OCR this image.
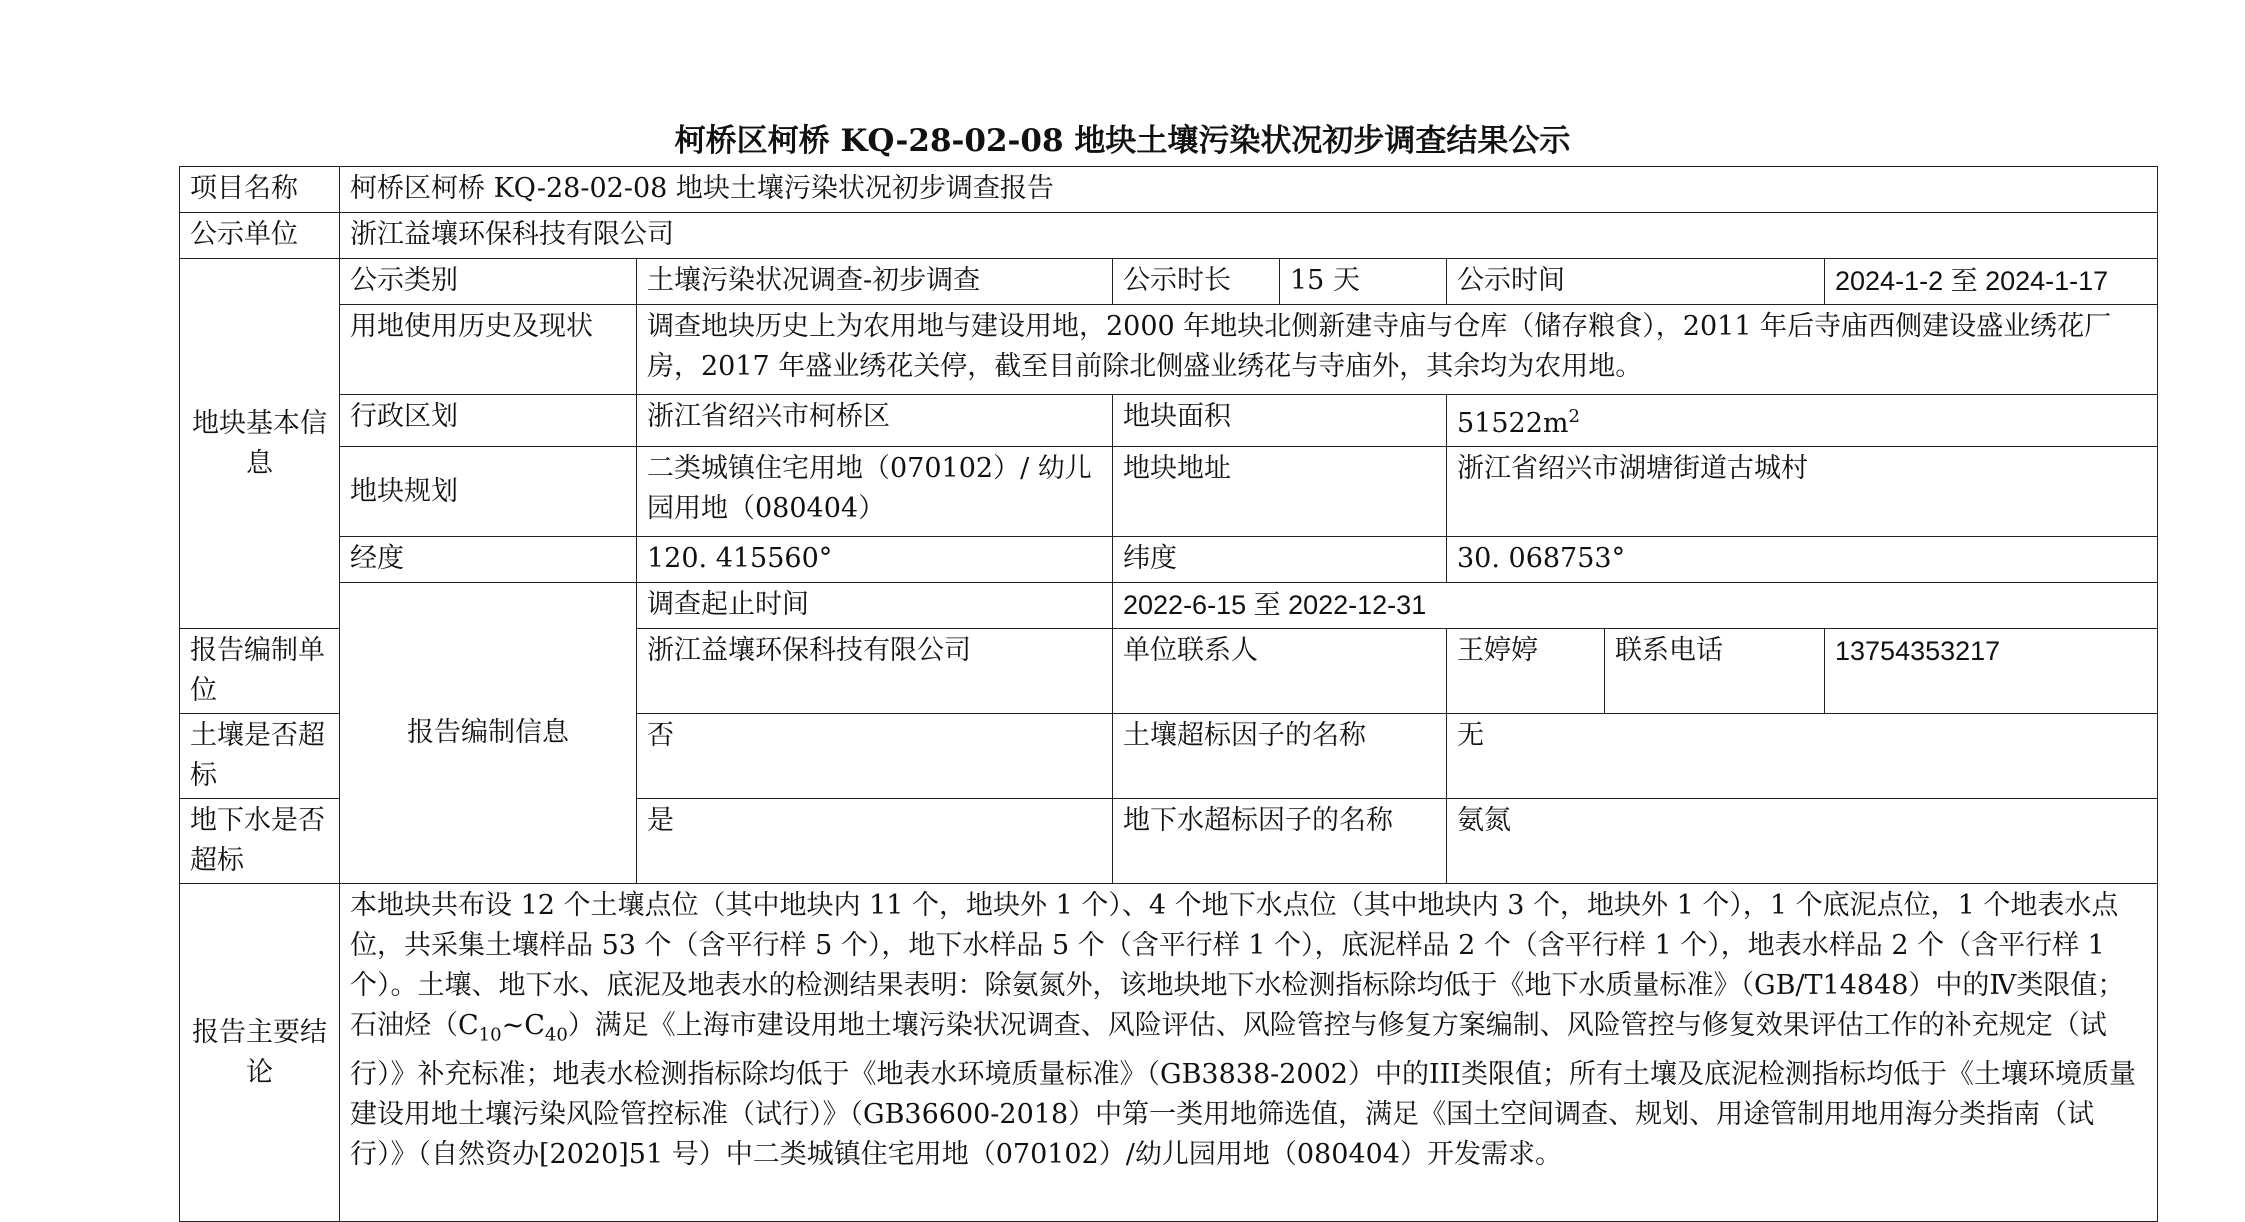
柯桥区柯桥 KQ-28-02-08 地块土壤污染状况初步调查结果公示
项目名称	柯桥区柯桥 KQ-28-02-08 地块土壤污染状况初步调查报告						
公示单位	浙江益壤环保科技有限公司						
地块基本信息	公示类别	土壤污染状况调查-初步调查	公示时长	15 天	公示时间		2024-1-2 至 2024-1-17
	用地使用历史及现状	调查地块历史上为农用地与建设用地，2000 年地块北侧新建寺庙与仓库（储存粮食），2011 年后寺庙西侧建设盛业绣花厂房，2017 年盛业绣花关停，截至目前除北侧盛业绣花与寺庙外，其余均为农用地。					
	行政区划	浙江省绍兴市柯桥区	地块面积		$51522m^2$
	地块规划	二类城镇住宅用地（070102）/ 幼儿园用地（080404）	地块地址		浙江省绍兴市湖塘街道古城村		
	经度	120. 415560°	纬度		30. 068753°		
	报告编制信息	调查起止时间	2022-6-15 至 2022-12-31				
报告编制单位		浙江益壤环保科技有限公司	单位联系人		王婷婷	联系电话	13754353217
土壤是否超标		否	土壤超标因子的名称		无		
地下水是否超标		是	地下水超标因子的名称		氨氮		
报告主要结论	本地块共布设 12 个土壤点位（其中地块内 11 个，地块外 1 个）、4 个地下水点位（其中地块内 3 个，地块外 1 个），1 个底泥点位，1 个地表水点位，共采集土壤样品 53 个（含平行样 5 个），地下水样品 5 个（含平行样 1 个），底泥样品 2 个（含平行样 1 个），地表水样品 2 个（含平行样 1 个）。土壤、地下水、底泥及地表水的检测结果表明：除氨氮外，该地块地下水检测指标除均低于《地下水质量标准》（GB/T14848）中的Ⅳ类限值；石油烃$(C_{10}\sim C_{40})$满足《上海市建设用地土壤污染状况调查、风险评估、风险管控与修复方案编制、风险管控与修复效果评估工作的补充规定（试行）》补充标准；地表水检测指标除均低于《地表水环境质量标准》（GB3838-2002）中的III类限值；所有土壤及底泥检测指标均低于《土壤环境质量建设用地土壤污染风险管控标准（试行）》（GB36600-2018）中第一类用地筛选值，满足《国土空间调查、规划、用途管制用地用海分类指南（试行）》（自然资办[2020]51 号）中二类城镇住宅用地（070102）/幼儿园用地（080404）开发需求。						
